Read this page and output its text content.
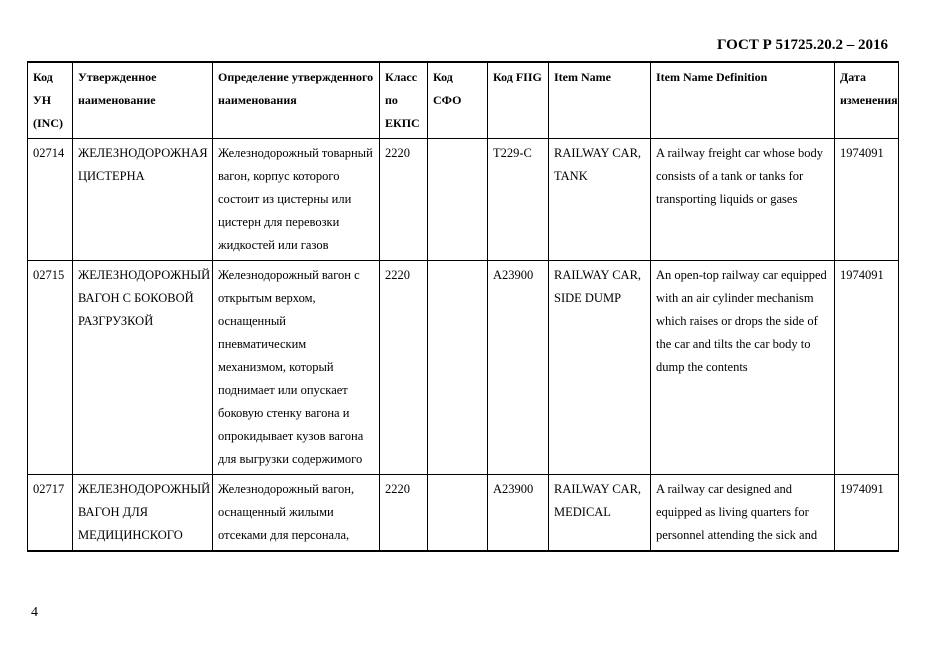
ГОСТ Р 51725.20.2 – 2016
Код УН (INC)	Утвержденное наименование	Определение утвержденного наименования	Класс по ЕКПС	Код СФО	Код FIIG	Item Name	Item Name Definition	Дата изменения
02714	ЖЕЛЕЗНОДОРОЖНАЯ ЦИСТЕРНА	Железнодорожный товарный вагон, корпус которого состоит из цистерны или цистерн для перевозки жидкостей или газов	2220		T229-C	RAILWAY CAR, TANK	A railway freight car whose body consists of a tank or tanks for transporting liquids or gases	1974091
02715	ЖЕЛЕЗНОДОРОЖНЫЙ ВАГОН С БОКОВОЙ РАЗГРУЗКОЙ	Железнодорожный вагон с открытым верхом, оснащенный пневматическим механизмом, который поднимает или опускает боковую стенку вагона и опрокидывает кузов вагона для выгрузки содержимого	2220		A23900	RAILWAY CAR, SIDE DUMP	An open-top railway car equipped with an air cylinder mechanism which raises or drops the side of the car and tilts the car body to dump the contents	1974091
02717	ЖЕЛЕЗНОДОРОЖНЫЙ ВАГОН ДЛЯ МЕДИЦИНСКОГО	Железнодорожный вагон, оснащенный жилыми отсеками для персонала,	2220		A23900	RAILWAY CAR, MEDICAL	A railway car designed and equipped as living quarters for personnel attending the sick and	1974091
4
